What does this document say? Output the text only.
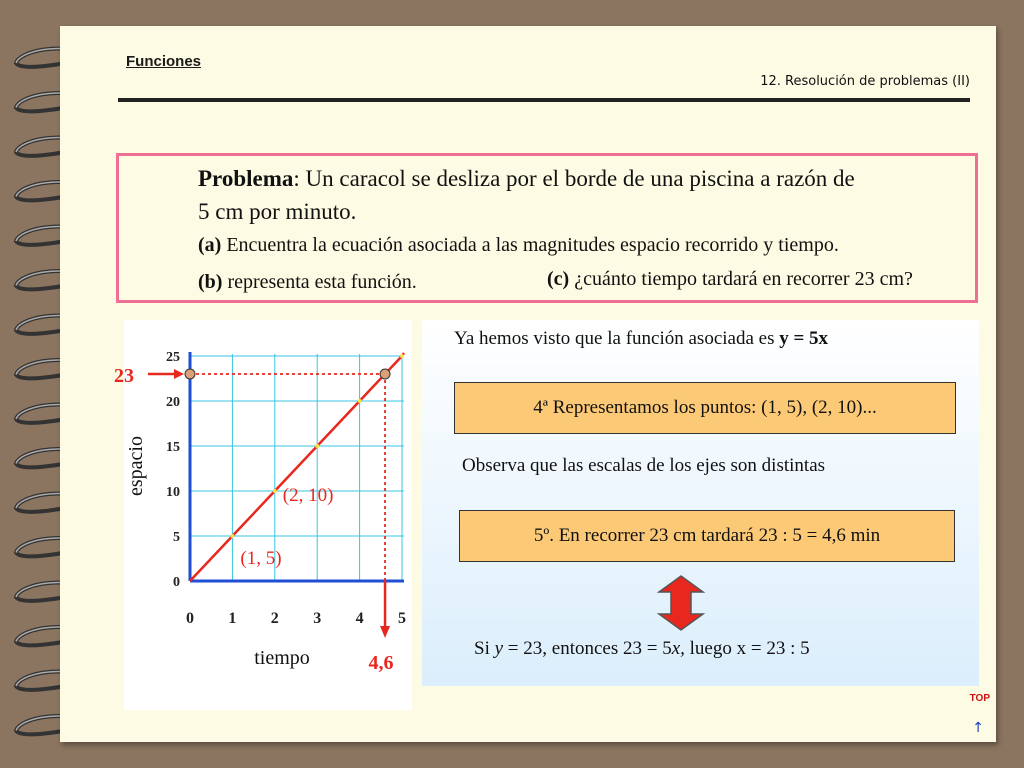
Funciones
12. Resolución de problemas (II)
Problema: Un caracol se desliza por el borde de una piscina a razón de
5 cm por minuto.
(a) Encuentra la ecuación asociada a las magnitudes espacio recorrido y tiempo.
(b) representa esta función.	(c) ¿cuánto tiempo tardará en recorrer 23 cm?
0 1 2 3 4 5
0
5
10
15
20
25
tiempo
espacio
(1, 5)
(2, 10)
23
4,6
Ya hemos visto que la función asociada es y = 5x
4ª Representamos los puntos: (1, 5), (2, 10)...
Observa que las escalas de los ejes son distintas
5º. En recorrer 23 cm tardará 23 : 5 = 4,6 min
Si y = 23, entonces 23 = 5x, luego x = 23 : 5
TOP
↑
